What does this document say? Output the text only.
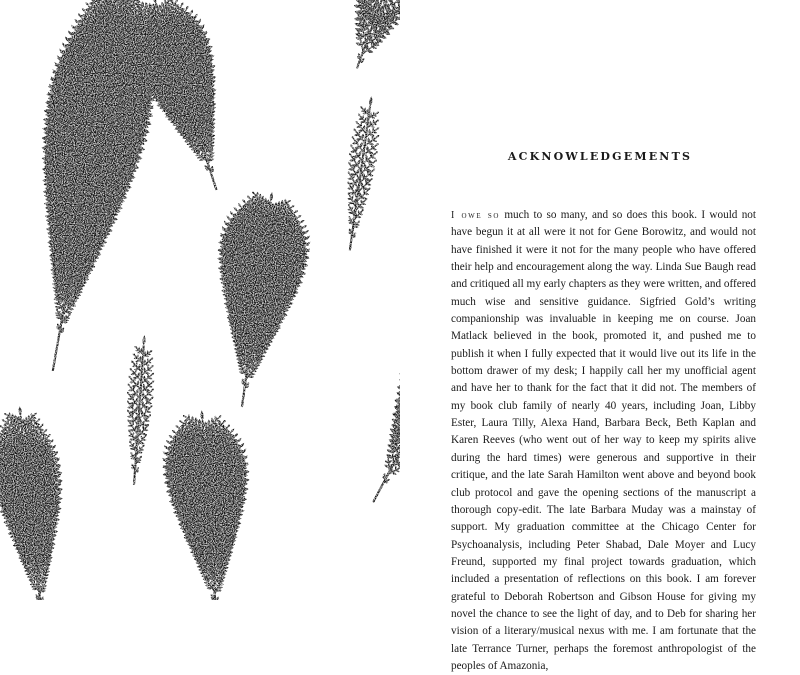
ACKNOWLEDGEMENTS
I owe so much to so many, and so does this book. I would not have begun it at all were it not for Gene Borowitz, and would not have finished it were it not for the many people who have offered their help and encouragement along the way. Linda Sue Baugh read and critiqued all my early chapters as they were written, and offered much wise and sensitive guidance. Sigfried Gold’s writing companionship was invaluable in keeping me on course. Joan Matlack believed in the book, promoted it, and pushed me to publish it when I fully expected that it would live out its life in the bottom drawer of my desk; I happily call her my unofficial agent and have her to thank for the fact that it did not. The members of my book club family of nearly 40 years, including Joan, Libby Ester, Laura Tilly, Alexa Hand, Barbara Beck, Beth Kaplan and Karen Reeves (who went out of her way to keep my spirits alive during the hard times) were generous and supportive in their critique, and the late Sarah Hamilton went above and beyond book club protocol and gave the opening sections of the manuscript a thorough copy-edit. The late Barbara Muday was a mainstay of support. My graduation committee at the Chicago Center for Psychoanalysis, including Peter Shabad, Dale Moyer and Lucy Freund, supported my final project towards graduation, which included a presentation of reflections on this book. I am forever grateful to Deborah Robertson and Gibson House for giving my novel the chance to see the light of day, and to Deb for sharing her vision of a literary/musical nexus with me. I am fortunate that the late Terrance Turner, perhaps the foremost anthropologist of the peoples of Amazonia,
